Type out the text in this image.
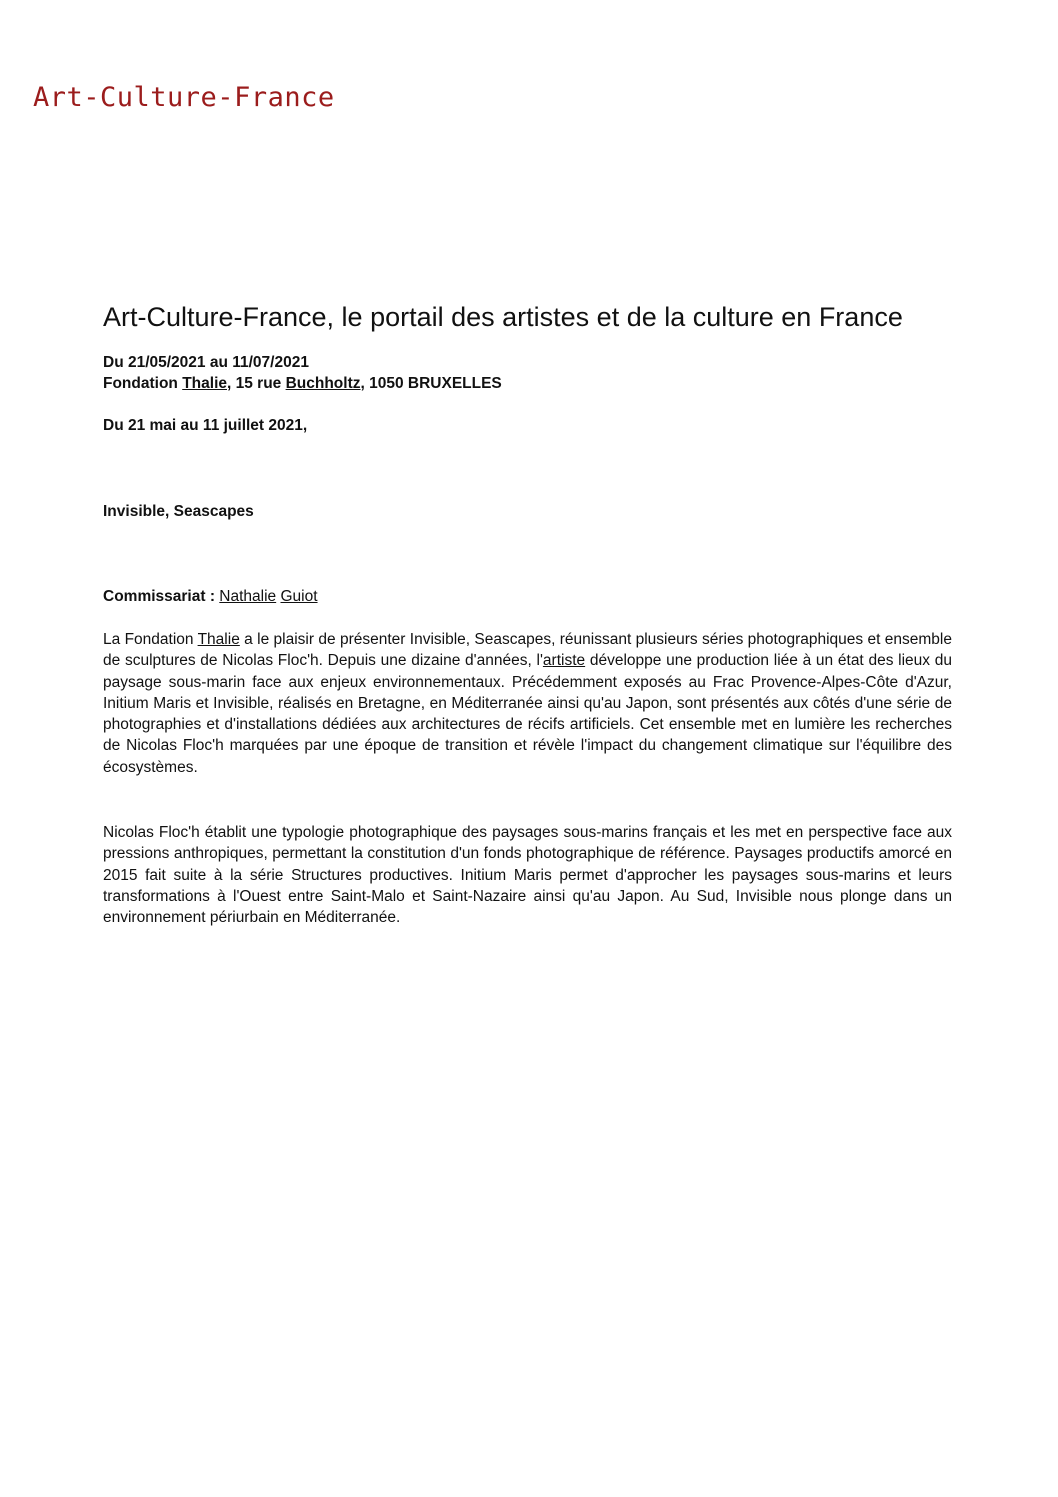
Art-Culture-France
Art-Culture-France, le portail des artistes et de la culture en France
Du 21/05/2021 au 11/07/2021
Fondation Thalie, 15 rue Buchholtz, 1050 BRUXELLES
Du 21 mai au 11 juillet 2021,
Invisible, Seascapes
Commissariat : Nathalie Guiot

La Fondation Thalie a le plaisir de présenter Invisible, Seascapes, réunissant plusieurs séries photographiques et ensemble de sculptures de Nicolas Floc'h. Depuis une dizaine d'années, l'artiste développe une production liée à un état des lieux du paysage sous-marin face aux enjeux environnementaux. Précédemment exposés au Frac Provence-Alpes-Côte d'Azur, Initium Maris et Invisible, réalisés en Bretagne, en Méditerranée ainsi qu'au Japon, sont présentés aux côtés d'une série de photographies et d'installations dédiées aux architectures de récifs artificiels. Cet ensemble met en lumière les recherches de Nicolas Floc'h marquées par une époque de transition et révèle l'impact du changement climatique sur l'équilibre des écosystèmes.

Nicolas Floc'h établit une typologie photographique des paysages sous-marins français et les met en perspective face aux pressions anthropiques, permettant la constitution d'un fonds photographique de référence. Paysages productifs amorcé en 2015 fait suite à la série Structures productives. Initium Maris permet d'approcher les paysages sous-marins et leurs transformations à l'Ouest entre Saint-Malo et Saint-Nazaire ainsi qu'au Japon. Au Sud, Invisible nous plonge dans un environnement périurbain en Méditerranée.
